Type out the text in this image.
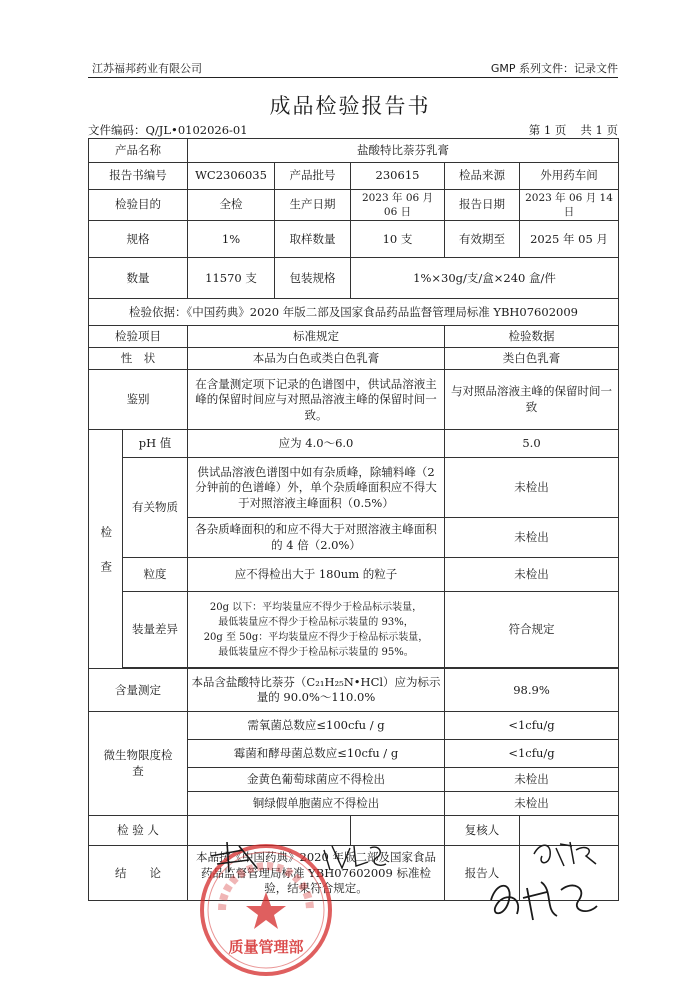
江苏福邦药业有限公司	GMP 系列文件：记录文件
成品检验报告书
文件编码：Q/JL•0102026-01	第 1 页 共 1 页
产品名称		盐酸特比萘芬乳膏				
报告书编号		WC2306035	产品批号	230615	检品来源	外用药车间
检验目的		全检	生产日期	2023 年 06 月 06 日	报告日期	2023 年 06 月 14 日
规格		1%	取样数量	10 支	有效期至	2025 年 05 月
数量		11570 支	包装规格	1%×30g/支/盒×240 盒/件		
检验依据：《中国药典》2020 年版二部及国家食品药品监督管理局标准 YBH07602009						
检验项目		标准规定			检验数据	
性　状		本品为白色或类白色乳膏			类白色乳膏	
鉴别		在含量测定项下记录的色谱图中，供试品溶液主峰的保留时间应与对照品溶液主峰的保留时间一致。			与对照品溶液主峰的保留时间一致	
检　　查	pH 值	应为 4.0～6.0			5.0	
	有关物质	供试品溶液色谱图中如有杂质峰，除辅料峰（2 分钟前的色谱峰）外，单个杂质峰面积应不得大于对照溶液主峰面积（0.5%）			未检出	
		各杂质峰面积的和应不得大于对照溶液主峰面积的 4 倍（2.0%）			未检出	
	粒度	应不得检出大于 180um 的粒子			未检出	
	装量差异	20g 以下：平均装量应不得少于检品标示装量，
最低装量应不得少于检品标示装量的 93%，
20g 至 50g：平均装量应不得少于检品标示装量，
最低装量应不得少于检品标示装量的 95%。			符合规定	

含量测定		本品含盐酸特比萘芬（C₂₁H₂₅N•HCl）应为标示量的 90.0%～110.0%			98.9%	
微生物限度检查		需氧菌总数应≤100cfu / g			<1cfu/g	
		霉菌和酵母菌总数应≤10cfu / g			<1cfu/g	
		金黄色葡萄球菌应不得检出			未检出	
		铜绿假单胞菌应不得检出			未检出	
检 验 人					复核人	
结　　论		本品按《中国药典》2020 年版二部及国家食品药品监督管理局标准 YBH07602009 标准检验，结果符合规定。			报告人	
质量管理部
